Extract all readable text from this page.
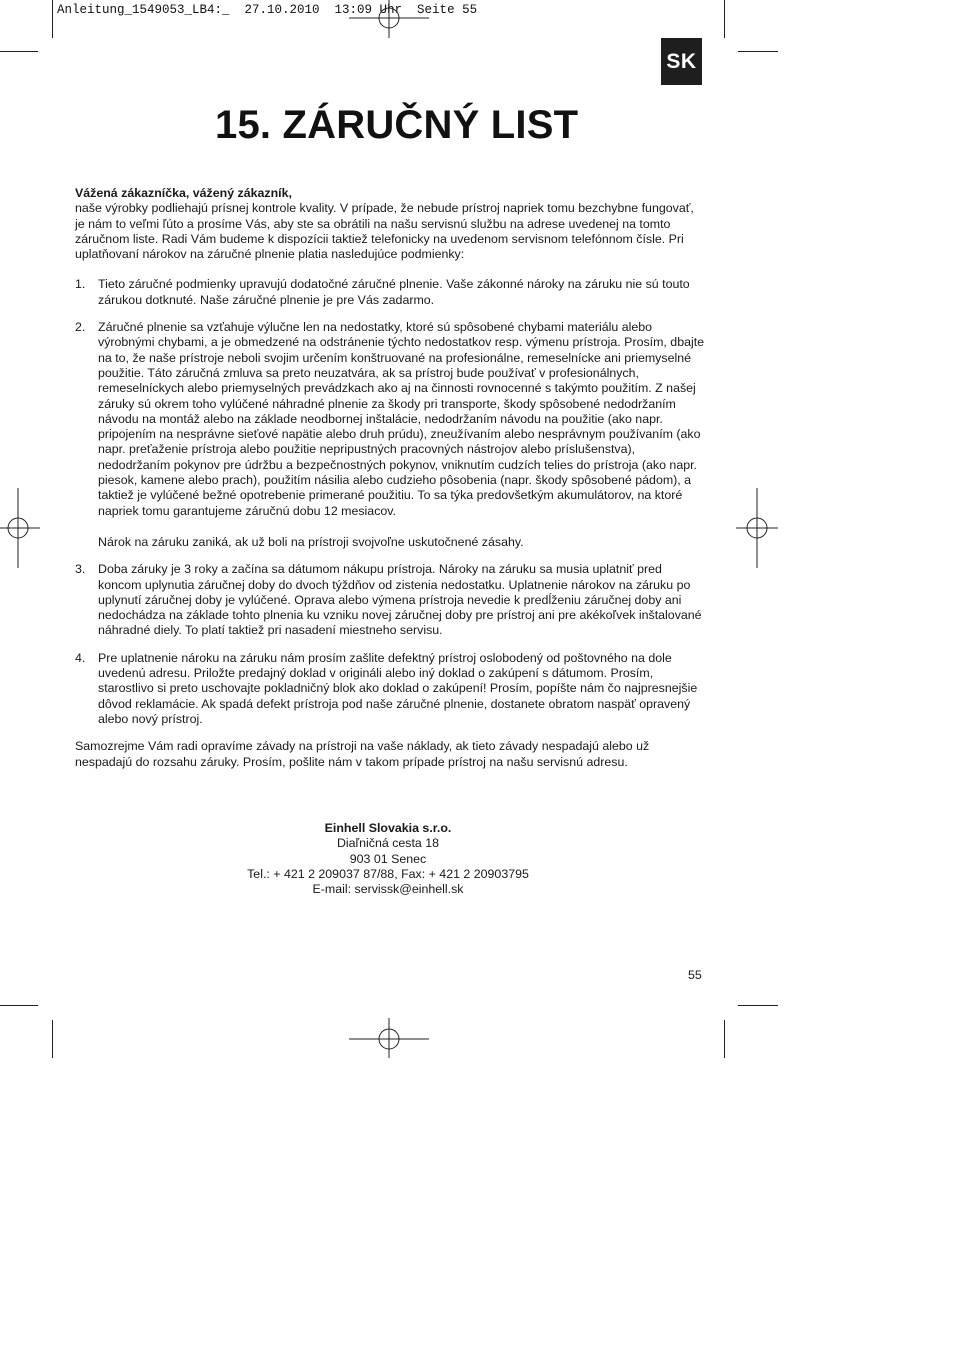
Anleitung_1549053_LB4:_  27.10.2010  13:09 Uhr  Seite 55
SK
15. ZÁRUČNÝ LIST

Vážená zákazníčka, vážený zákazník,

naše výrobky podliehajú prísnej kontrole kvality. V prípade, že nebude prístroj napriek tomu bezchybne fungovať, je nám to veľmi ľúto a prosíme Vás, aby ste sa obrátili na našu servisnú službu na adrese uvedenej na tomto záručnom liste. Radi Vám budeme k dispozícii taktiež telefonicky na uvedenom servisnom telefónnom čísle. Pri uplatňovaní nárokov na záručné plnenie platia nasledujúce podmienky:

1. Tieto záručné podmienky upravujú dodatočné záručné plnenie. Vaše zákonné nároky na záruku nie sú touto zárukou dotknuté. Naše záručné plnenie je pre Vás zadarmo.

2. Záručné plnenie sa vzťahuje výlučne len na nedostatky, ktoré sú spôsobené chybami materiálu alebo výrobnými chybami, a je obmedzené na odstránenie týchto nedostatkov resp. výmenu prístroja. Prosím, dbajte na to, že naše prístroje neboli svojim určením konštruované na profesionálne, remeselnícke ani priemyselné použitie. Táto záručná zmluva sa preto neuzatvára, ak sa prístroj bude používať v profesionálnych, remeselníckych alebo priemyselných prevádzkach ako aj na činnosti rovnocenné s takýmto použitím. Z našej záruky sú okrem toho vylúčené náhradné plnenie za škody pri transporte, škody spôsobené nedodržaním návodu na montáž alebo na základe neodbornej inštalácie, nedodržaním návodu na použitie (ako napr. pripojením na nesprávne sieťové napätie alebo druh prúdu), zneužívaním alebo nesprávnym používaním (ako napr. preťaženie prístroja alebo použitie nepripustných pracovných nástrojov alebo príslušenstva), nedodržaním pokynov pre údržbu a bezpečnostných pokynov, vniknutím cudzích telies do prístroja (ako napr. piesok, kamene alebo prach), použitím násilia alebo cudzieho pôsobenia (napr. škody spôsobené pádom), a taktiež je vylúčené bežné opotrebenie primerané použitiu. To sa týka predovšetkým akumulátorov, na ktoré napriek tomu garantujeme záručnú dobu 12 mesiacov.

Nárok na záruku zaniká, ak už boli na prístroji svojvoľne uskutočnené zásahy.

3. Doba záruky je 3 roky a začína sa dátumom nákupu prístroja. Nároky na záruku sa musia uplatniť pred koncom uplynutia záručnej doby do dvoch týždňov od zistenia nedostatku. Uplatnenie nárokov na záruku po uplynutí záručnej doby je vylúčené. Oprava alebo výmena prístroja nevedie k predĺženiu záručnej doby ani nedochádza na základe tohto plnenia ku vzniku novej záručnej doby pre prístroj ani pre akékoľvek inštalované náhradné diely. To platí taktiež pri nasadení miestneho servisu.

4. Pre uplatnenie nároku na záruku nám prosím zašlite defektný prístroj oslobodený od poštovného na dole uvedenú adresu. Priložte predajný doklad v origináli alebo iný doklad o zakúpení s dátumom. Prosím, starostlivo si preto uschovajte pokladničný blok ako doklad o zakúpení! Prosím, popíšte nám čo najpresnejšie dôvod reklamácie. Ak spadá defekt prístroja pod naše záručné plnenie, dostanete obratom naspäť opravený alebo nový prístroj.

Samozrejme Vám radi opravíme závady na prístroji na vaše náklady, ak tieto závady nespadajú alebo už nespadajú do rozsahu záruky. Prosím, pošlite nám v takom prípade prístroj na našu servisnú adresu.

Einhell Slovakia s.r.o.
Diaľničná cesta 18
903 01 Senec
Tel.: + 421 2 209037 87/88, Fax: + 421 2 20903795
E-mail: servissk@einhell.sk
55
